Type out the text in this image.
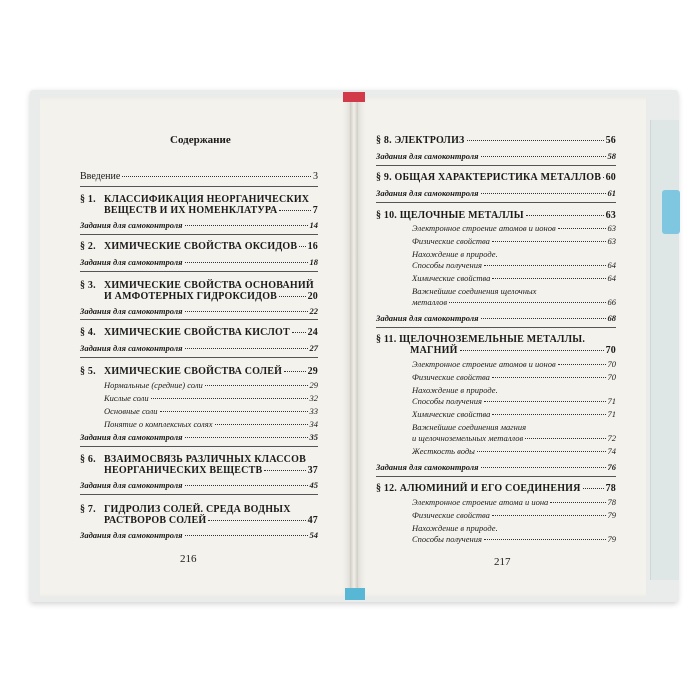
Содержание
Введение	3
§ 1. КЛАССИФИКАЦИЯ НЕОРГАНИЧЕСКИХ
ВЕЩЕСТВ И ИХ НОМЕНКЛАТУРА	7
Задания для самоконтроля	14
§ 2. ХИМИЧЕСКИЕ СВОЙСТВА ОКСИДОВ 16
Задания для самоконтроля	18
§ 3. ХИМИЧЕСКИЕ СВОЙСТВА ОСНОВАНИЙ
И АМФОТЕРНЫХ ГИДРОКСИДОВ	20
Задания для самоконтроля	22
§ 4. ХИМИЧЕСКИЕ СВОЙСТВА КИСЛОТ 24
Задания для самоконтроля	27
§ 5. ХИМИЧЕСКИЕ СВОЙСТВА СОЛЕЙ	29
Нормальные (средние) соли	29
Кислые соли	32
Основные соли	33
Понятие о комплексных солях	34
Задания для самоконтроля	35
§ 6. ВЗАИМОСВЯЗЬ РАЗЛИЧНЫХ КЛАССОВ
НЕОРГАНИЧЕСКИХ ВЕЩЕСТВ	37
Задания для самоконтроля	45
§ 7. ГИДРОЛИЗ СОЛЕЙ. СРЕДА ВОДНЫХ
РАСТВОРОВ СОЛЕЙ	47
Задания для самоконтроля	54
216
§ 8. ЭЛЕКТРОЛИЗ	56
Задания для самоконтроля	58
§ 9. ОБЩАЯ ХАРАКТЕРИСТИКА МЕТАЛЛОВ 60
Задания для самоконтроля	61
§ 10. ЩЕЛОЧНЫЕ МЕТАЛЛЫ	63
Электронное строение атомов и ионов	63
Физические свойства	63
Нахождение в природе.
Способы получения	64
Химические свойства	64
Важнейшие соединения щелочных
металлов	66
Задания для самоконтроля	68
§ 11. ЩЕЛОЧНОЗЕМЕЛЬНЫЕ МЕТАЛЛЫ.
МАГНИЙ	70
Электронное строение атомов и ионов	70
Физические свойства	70
Нахождение в природе.
Способы получения	71
Химические свойства	71
Важнейшие соединения магния
и щелочноземельных металлов	72
Жесткость воды	74
Задания для самоконтроля	76
§ 12. АЛЮМИНИЙ И ЕГО СОЕДИНЕНИЯ	78
Электронное строение атома и иона	78
Физические свойства	79
Нахождение в природе.
Способы получения	79
217
